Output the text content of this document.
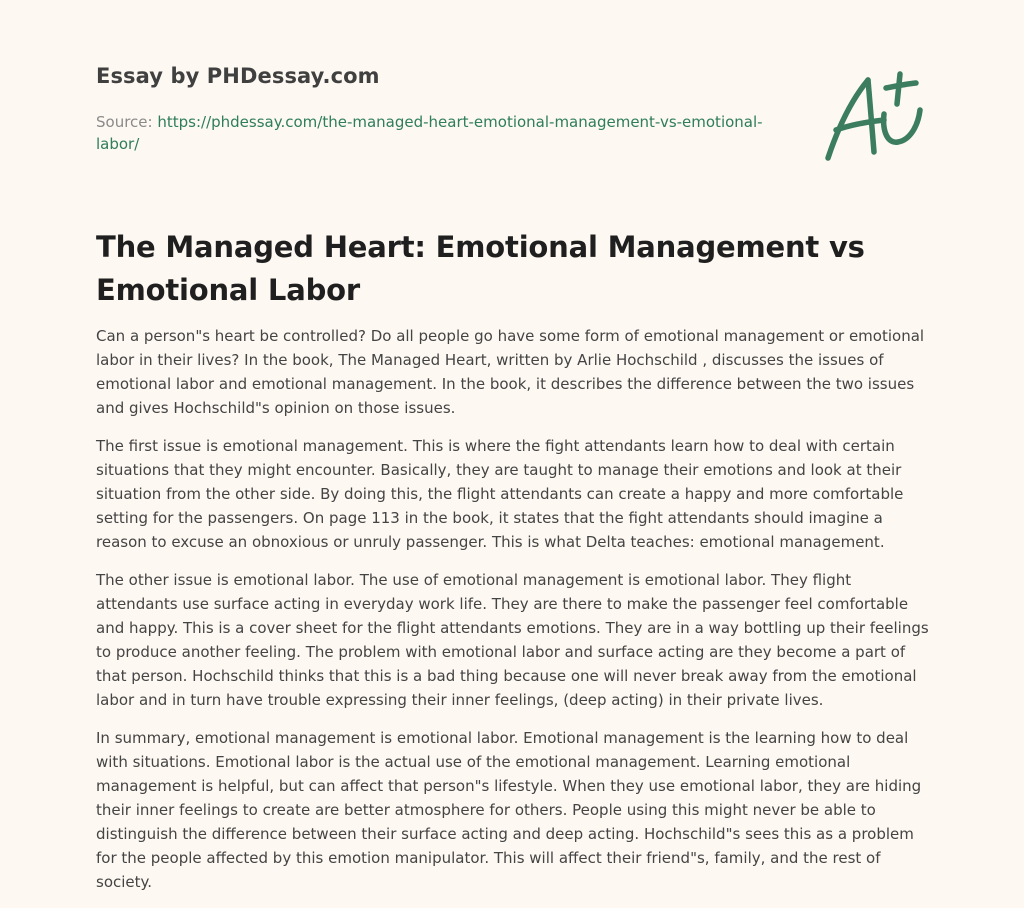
Essay by PHDessay.com
Source: https://phdessay.com/the-managed-heart-emotional-management-vs-emotional-
labor/
The Managed Heart: Emotional Management vs
Emotional Labor

Can a person"s heart be controlled? Do all people go have some form of emotional management or emotional labor in their lives? In the book, The Managed Heart, written by Arlie Hochschild , discusses the issues of emotional labor and emotional management. In the book, it describes the difference between the two issues and gives Hochschild"s opinion on those issues.

The first issue is emotional management. This is where the fight attendants learn how to deal with certain situations that they might encounter. Basically, they are taught to manage their emotions and look at their situation from the other side. By doing this, the flight attendants can create a happy and more comfortable setting for the passengers. On page 113 in the book, it states that the fight attendants should imagine a reason to excuse an obnoxious or unruly passenger. This is what Delta teaches: emotional management.

The other issue is emotional labor. The use of emotional management is emotional labor. They flight attendants use surface acting in everyday work life. They are there to make the passenger feel comfortable and happy. This is a cover sheet for the flight attendants emotions. They are in a way bottling up their feelings to produce another feeling. The problem with emotional labor and surface acting are they become a part of that person. Hochschild thinks that this is a bad thing because one will never break away from the emotional labor and in turn have trouble expressing their inner feelings, (deep acting) in their private lives.

In summary, emotional management is emotional labor. Emotional management is the learning how to deal with situations. Emotional labor is the actual use of the emotional management. Learning emotional management is helpful, but can affect that person"s lifestyle. When they use emotional labor, they are hiding their inner feelings to create are better atmosphere for others. People using this might never be able to distinguish the difference between their surface acting and deep acting. Hochschild"s sees this as a problem for the people affected by this emotion manipulator. This will affect their friend"s, family, and the rest of society.
